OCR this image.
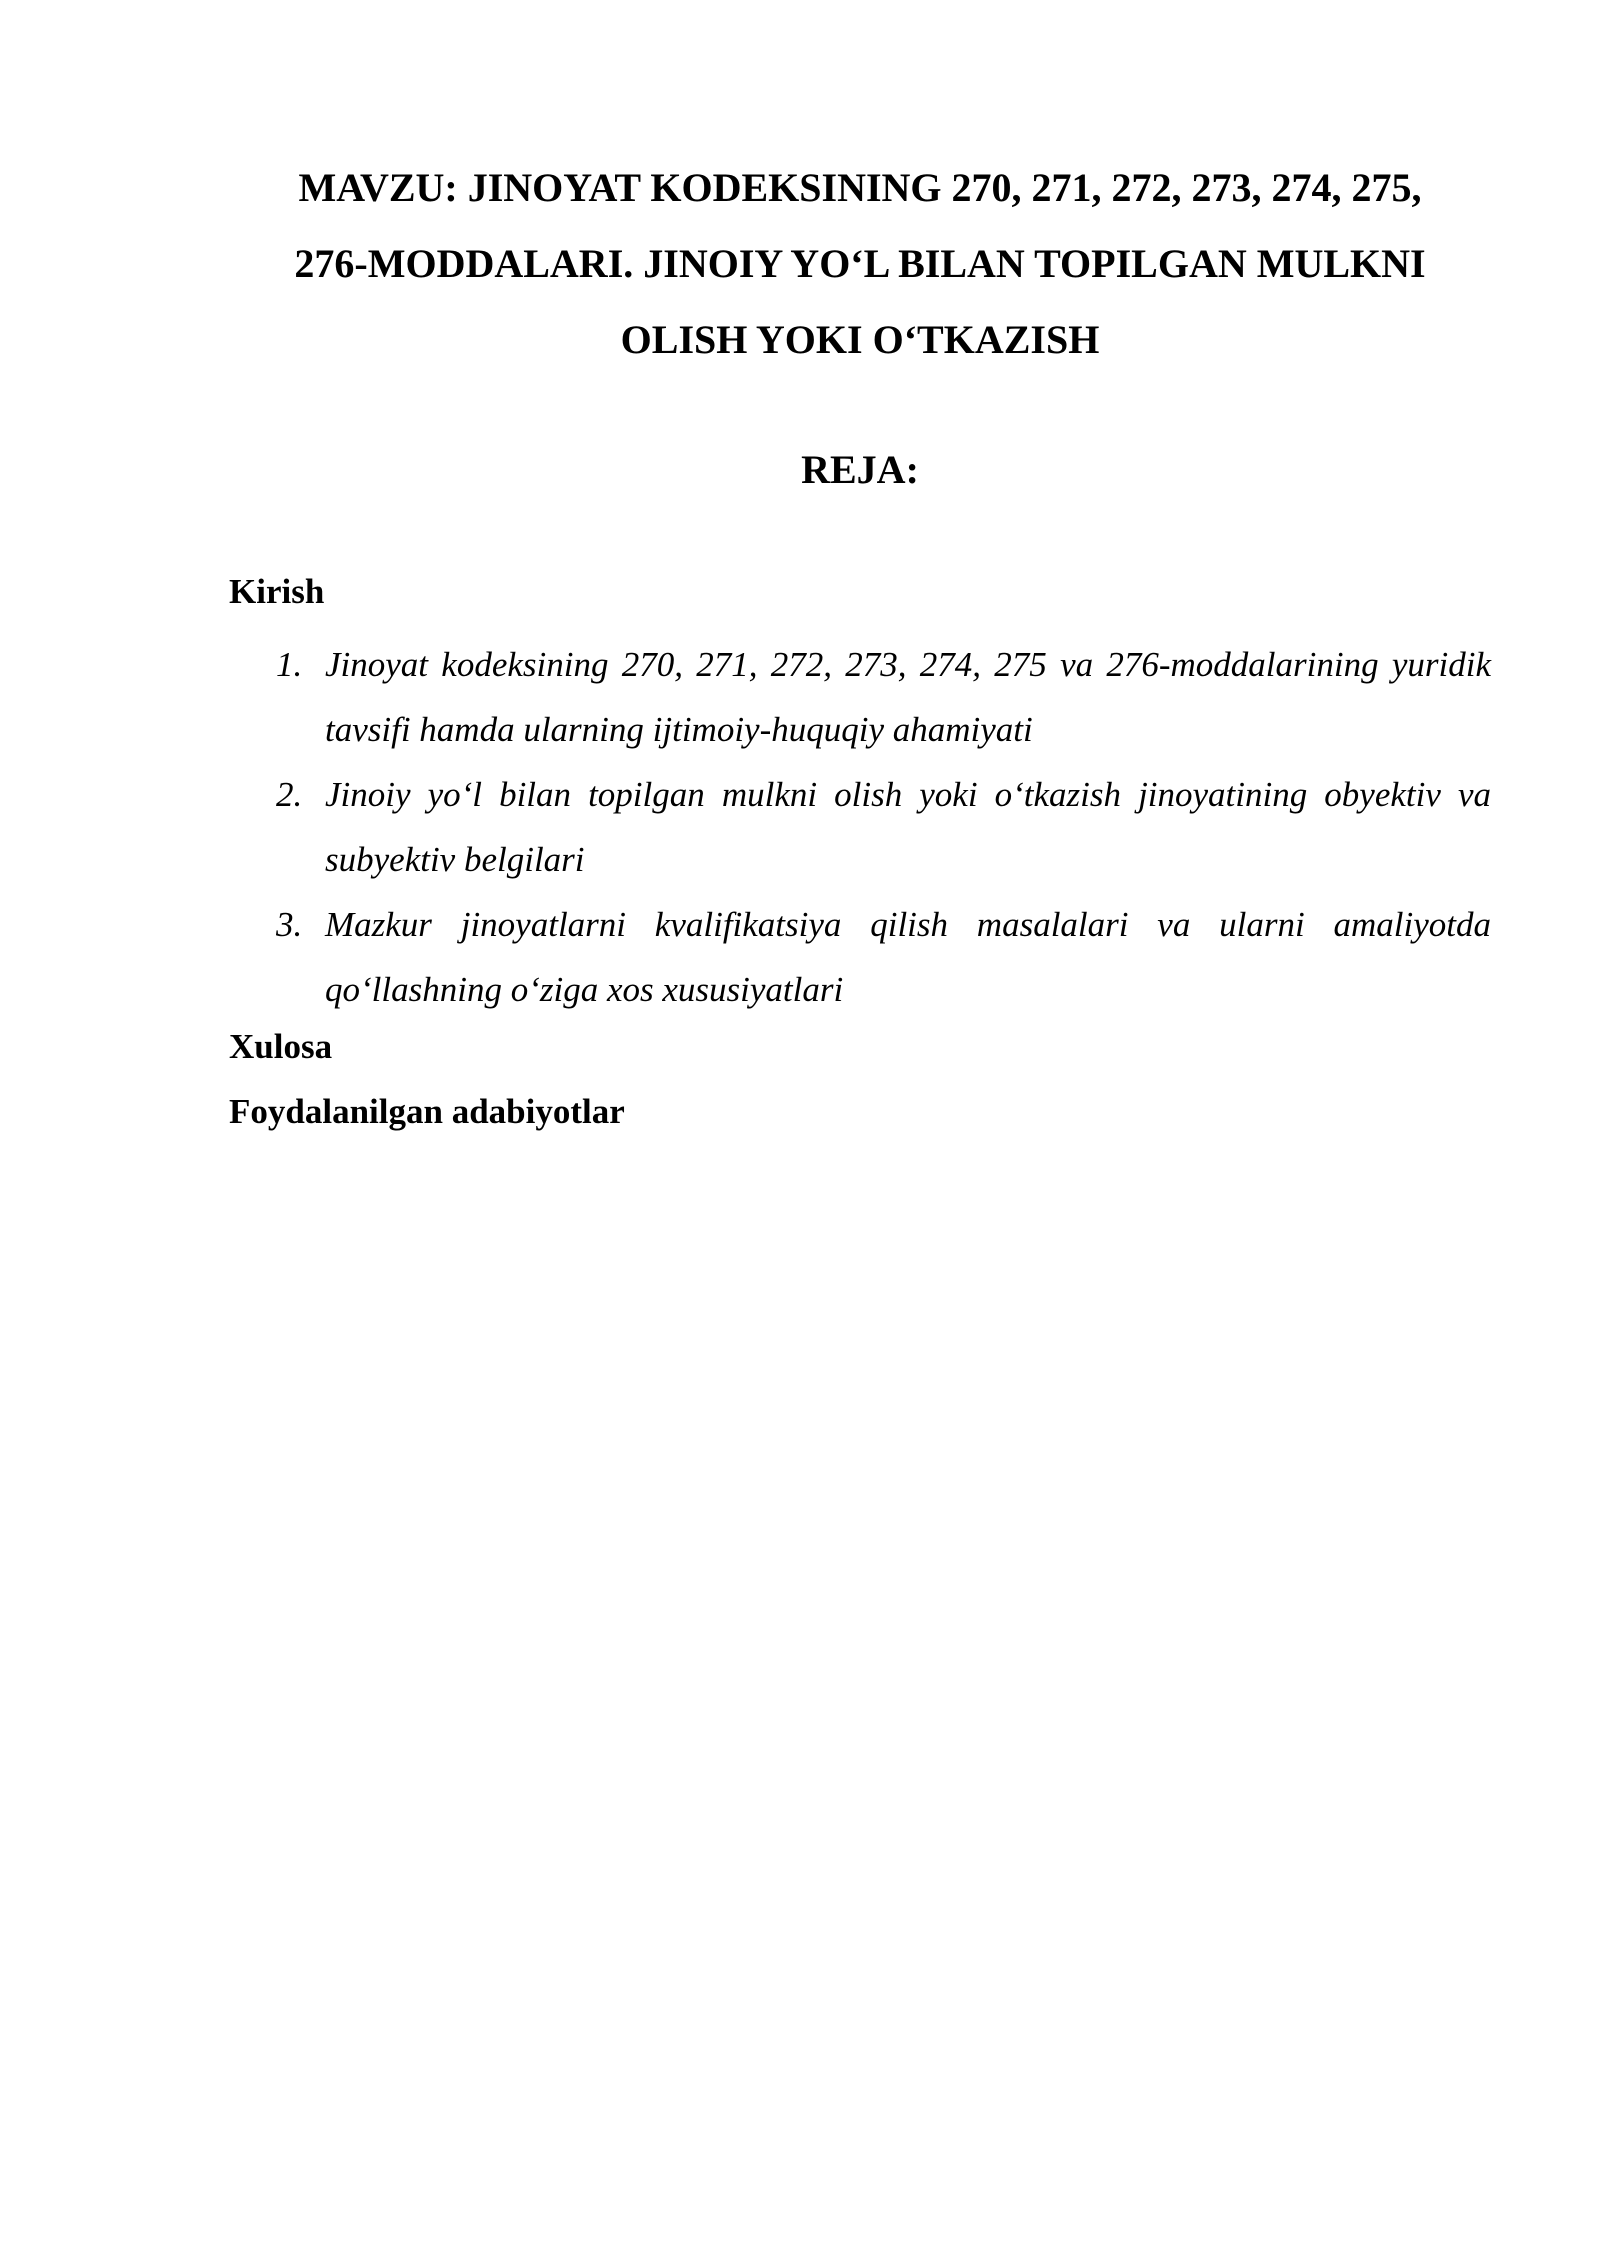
MAVZU: JINOYAT KODEKSINING 270, 271, 272, 273, 274, 275,
276-MODDALARI. JINOIY YO‘L BILAN TOPILGAN MULKNI
OLISH YOKI O‘TKAZISH
REJA:

Kirish

1. Jinoyat kodeksining 270, 271, 272, 273, 274, 275 va 276-moddalarining yuridik tavsifi hamda ularning ijtimoiy-huquqiy ahamiyati
2. Jinoiy yo‘l bilan topilgan mulkni olish yoki o‘tkazish jinoyatining obyektiv va subyektiv belgilari
3. Mazkur jinoyatlarni kvalifikatsiya qilish masalalari va ularni amaliyotda qo‘llashning o‘ziga xos xususiyatlari

Xulosa

Foydalanilgan adabiyotlar
